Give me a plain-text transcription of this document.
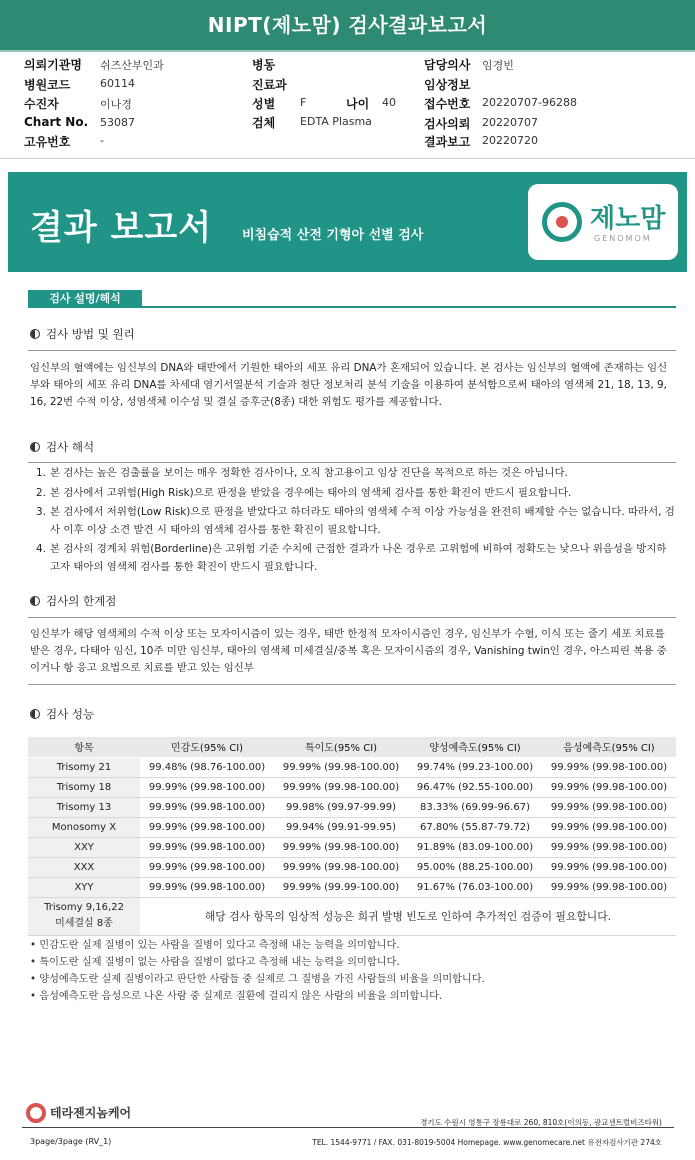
NIPT(제노맘) 검사결과보고서
의뢰기관명 쉬즈산부인과
병원코드	60114
수진자	이나경
Chart No. 53087
고유번호	-
병동
진료과
성별 F	나이 40
검체 EDTA Plasma
담당의사 임경빈
임상정보
접수번호 20220707-96288
검사의뢰 20220707
결과보고 20220720
결과 보고서 비침습적 산전 기형아 선별 검사
제노맘
GENOMOM
검사 설명/해석
검사 방법 및 원리
임신부의 혈액에는 임신부의 DNA와 태반에서 기원한 태아의 세포 유리 DNA가 혼재되어 있습니다. 본 검사는 임신부의 혈액에 존재하는 임신부와 태아의 세포 유리 DNA를 차세대 염기서열분석 기술과 첨단 정보처리 분석 기술을 이용하여 분석함으로써 태아의 염색체 21, 18, 13, 9, 16, 22번 수적 이상, 성염색체 이수성 및 결실 증후군(8종) 대한 위험도 평가를 제공합니다.
검사 해석
1. 본 검사는 높은 검출률을 보이는 매우 정확한 검사이나, 오직 참고용이고 임상 진단을 목적으로 하는 것은 아닙니다.
2. 본 검사에서 고위험(High Risk)으로 판정을 받았을 경우에는 태아의 염색체 검사를 통한 확진이 반드시 필요합니다.
3. 본 검사에서 저위험(Low Risk)으로 판정을 받았다고 하더라도 태아의 염색체 수적 이상 가능성을 완전히 배제할 수는 없습니다. 따라서, 검사 이후 이상 소견 발견 시 태아의 염색체 검사를 통한 확진이 필요합니다.
4. 본 검사의 경계치 위험(Borderline)은 고위험 기준 수치에 근접한 결과가 나온 경우로 고위험에 비하여 정확도는 낮으나 위음성을 방지하고자 태아의 염색체 검사를 통한 확진이 반드시 필요합니다.
검사의 한계점
임신부가 해당 염색체의 수적 이상 또는 모자이시즘이 있는 경우, 태반 한정적 모자이시즘인 경우, 임신부가 수혈, 이식 또는 줄기 세포 치료를 받은 경우, 다태아 임신, 10주 미만 임신부, 태아의 염색체 미세결실/중복 혹은 모자이시즘의 경우, Vanishing twin인 경우, 아스피린 복용 중이거나 항 응고 요법으로 치료를 받고 있는 임신부
검사 성능
항목	민감도(95% CI)	특이도(95% CI)	양성예측도(95% CI)	음성예측도(95% CI)
Trisomy 21	99.48% (98.76-100.00)	99.99% (99.98-100.00)	99.74% (99.23-100.00)	99.99% (99.98-100.00)
Trisomy 18	99.99% (99.98-100.00)	99.99% (99.98-100.00)	96.47% (92.55-100.00)	99.99% (99.98-100.00)
Trisomy 13	99.99% (99.98-100.00)	99.98% (99.97-99.99)	83.33% (69.99-96.67)	99.99% (99.98-100.00)
Monosomy X	99.99% (99.98-100.00)	99.94% (99.91-99.95)	67.80% (55.87-79.72)	99.99% (99.98-100.00)
XXY	99.99% (99.98-100.00)	99.99% (99.98-100.00)	91.89% (83.09-100.00)	99.99% (99.98-100.00)
XXX	99.99% (99.98-100.00)	99.99% (99.98-100.00)	95.00% (88.25-100.00)	99.99% (99.98-100.00)
XYY	99.99% (99.98-100.00)	99.99% (99.99-100.00)	91.67% (76.03-100.00)	99.99% (99.98-100.00)
Trisomy 9,16,22
미세결실 8종	해당 검사 항목의 임상적 성능은 희귀 발병 빈도로 인하여 추가적인 검증이 필요합니다.			
• 민감도란 실제 질병이 있는 사람을 질병이 있다고 측정해 내는 능력을 의미합니다.
• 특이도란 실제 질병이 없는 사람을 질병이 없다고 측정해 내는 능력을 의미합니다.
• 양성예측도란 실제 질병이라고 판단한 사람들 중 실제로 그 질병을 가진 사람들의 비율을 의미합니다.
• 음성예측도란 음성으로 나온 사람 중 실제로 질환에 걸리지 않은 사람의 비율을 의미합니다.
테라젠지놈케어
경기도 수원시 영통구 장룡대로 260, 810호(이의동, 광교센트럴비즈타워)
3page/3page (RV_1)	TEL. 1544-9771 / FAX. 031-8019-5004 Homepage. www.genomecare.net 유전자검사기관 274호
